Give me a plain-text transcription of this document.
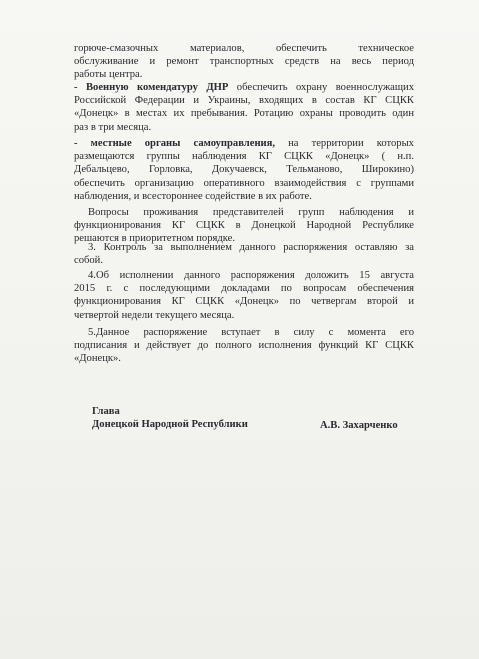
горюче-смазочных материалов, обеспечить техническое
обслуживание и ремонт транспортных средств на весь период
работы центра.
- Военную комендатуру ДНР обеспечить охрану военнослужащих
Российской Федерации и Украины, входящих в состав КГ СЦКК
«Донецк» в местах их пребывания. Ротацию охраны проводить один
раз в три месяца.
- местные органы самоуправления, на территории которых
размещаются группы наблюдения КГ СЦКК «Донецк» ( н.п.
Дебальцево, Горловка, Докучаевск, Тельманово, Широкино)
обеспечить организацию оперативного взаимодействия с группами
наблюдения, и всестороннее содействие в их работе.
Вопросы проживания представителей групп наблюдения и
функционирования КГ СЦКК в Донецкой Народной Республике
решаются в приоритетном порядке.
3. Контроль за выполнением данного распоряжения оставляю за
собой.
4.Об исполнении данного распоряжения доложить 15 августа
2015 г. с последующими докладами по вопросам обеспечения
функционирования КГ СЦКК «Донецк» по четвергам второй и
четвертой недели текущего месяца.
5.Данное распоряжение вступает в силу с момента его
подписания и действует до полного исполнения функций КГ СЦКК
«Донецк».
Глава
Донецкой Народной Республики	А.В. Захарченко
